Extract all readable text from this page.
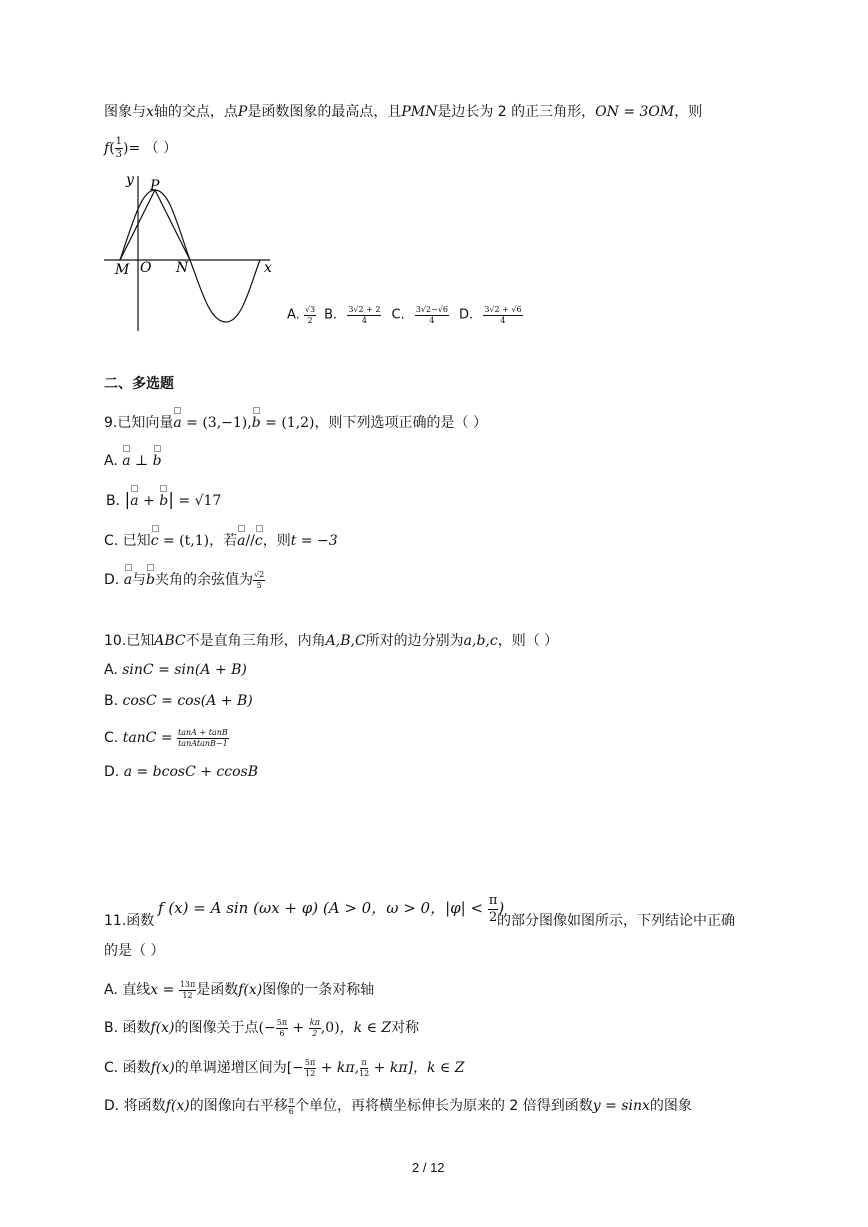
图象与x轴的交点，点P是函数图象的最高点，且PMN是边长为 2 的正三角形，ON = 3OM，则
$f( \frac{1}{3}$ )= （ ）
y P
M O N	x
A. $\frac{√3}{2} B$. $\frac{3√2 + 2}{4} C$. $\frac{3√2-√6}{4} D$. $\frac{3√2 + √6}{4}$
二、多选题
9.已知向量a = (3,−1),b = (1,2)，则下列选项正确的是（ ）
A. a ⊥ b
B. |a + b| = √17
C. 已知c = (t,1)，若a//c，则t = −3
D. a与b夹角的余弦值为 $\frac{√2}{5}$
10.已知ABC不是直角三角形，内角A,B,C所对的边分别为a,b,c，则（ ）
A. sinC = sin(A + B)
B. cosC = cos(A + B)
C. $\tan C = \frac{\tan A + \tan B}{\text{tanAtanB−1}}$
D. a = bcosC + ccosB
f (x) = A sin (ωx + φ) (A > 0，ω > 0，$|\varphi| < \frac{\pi}{2}$ )
11.函数	的部分图像如图所示，下列结论中正确
的是（ ）
A. 直线$x = \frac{13\pi}{12}$ 是函数f(x)图像的一条对称轴
B. 函数f(x)的图像关于点(− $\frac{5\pi}{6} + \frac{k\pi}{2} ,0$)，k ∈ Z对称
C. 函数f(x)的单调递增区间为[− $\frac{5\pi}{12} + k\pi$, $\frac{\pi}{12} + k\pi$]，k ∈ Z
D. 将函数f(x)的图像向右平移 $\frac{\pi}{6}$ 个单位，再将横坐标伸长为原来的 2 倍得到函数y = sinx的图象
2 / 12
